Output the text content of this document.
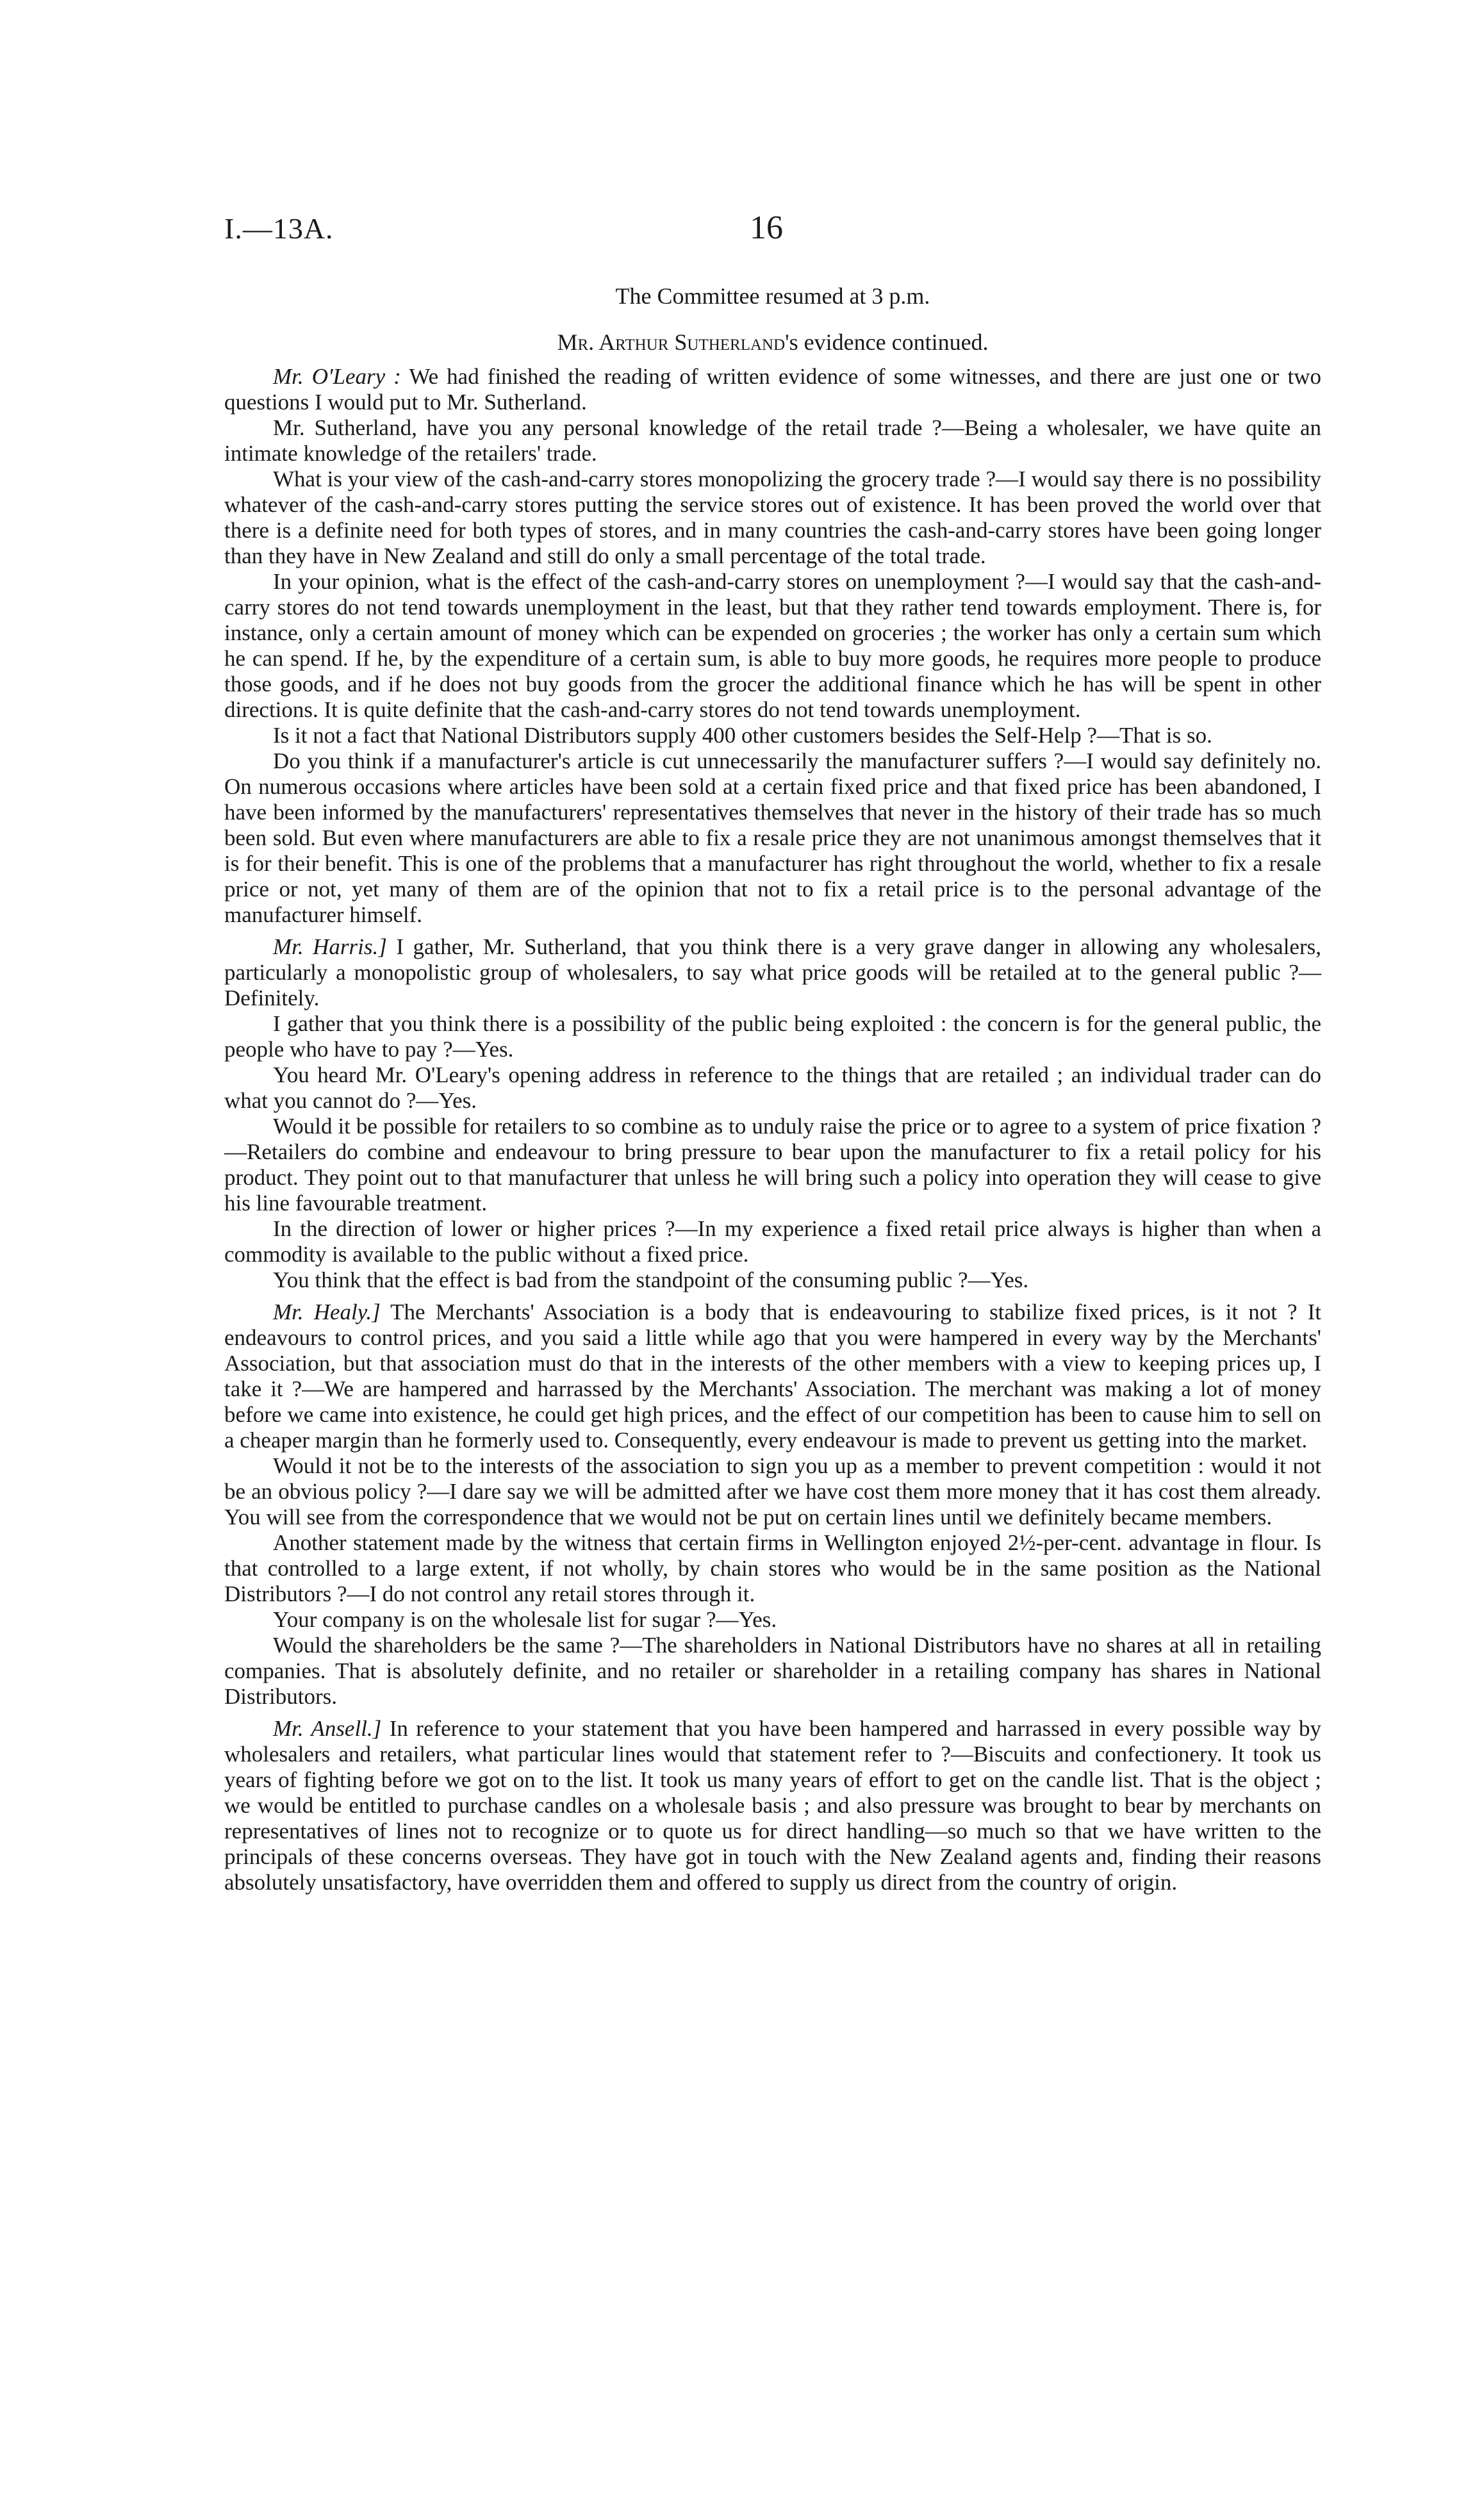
I.—13A.	16

The Committee resumed at 3 p.m.

Mr. Arthur Sutherland's evidence continued.

Mr. O'Leary : We had finished the reading of written evidence of some witnesses, and there are just one or two questions I would put to Mr. Sutherland.

Mr. Sutherland, have you any personal knowledge of the retail trade ?—Being a wholesaler, we have quite an intimate knowledge of the retailers' trade.

What is your view of the cash-and-carry stores monopolizing the grocery trade ?—I would say there is no possibility whatever of the cash-and-carry stores putting the service stores out of existence. It has been proved the world over that there is a definite need for both types of stores, and in many countries the cash-and-carry stores have been going longer than they have in New Zealand and still do only a small percentage of the total trade.

In your opinion, what is the effect of the cash-and-carry stores on unemployment ?—I would say that the cash-and-carry stores do not tend towards unemployment in the least, but that they rather tend towards employment. There is, for instance, only a certain amount of money which can be expended on groceries ; the worker has only a certain sum which he can spend. If he, by the expenditure of a certain sum, is able to buy more goods, he requires more people to produce those goods, and if he does not buy goods from the grocer the additional finance which he has will be spent in other directions. It is quite definite that the cash-and-carry stores do not tend towards unemployment.

Is it not a fact that National Distributors supply 400 other customers besides the Self-Help ?—That is so.

Do you think if a manufacturer's article is cut unnecessarily the manufacturer suffers ?—I would say definitely no. On numerous occasions where articles have been sold at a certain fixed price and that fixed price has been abandoned, I have been informed by the manufacturers' representatives themselves that never in the history of their trade has so much been sold. But even where manufacturers are able to fix a resale price they are not unanimous amongst themselves that it is for their benefit. This is one of the problems that a manufacturer has right throughout the world, whether to fix a resale price or not, yet many of them are of the opinion that not to fix a retail price is to the personal advantage of the manufacturer himself.

Mr. Harris.] I gather, Mr. Sutherland, that you think there is a very grave danger in allowing any wholesalers, particularly a monopolistic group of wholesalers, to say what price goods will be retailed at to the general public ?—Definitely.

I gather that you think there is a possibility of the public being exploited : the concern is for the general public, the people who have to pay ?—Yes.

You heard Mr. O'Leary's opening address in reference to the things that are retailed ; an individual trader can do what you cannot do ?—Yes.

Would it be possible for retailers to so combine as to unduly raise the price or to agree to a system of price fixation ?—Retailers do combine and endeavour to bring pressure to bear upon the manufacturer to fix a retail policy for his product. They point out to that manufacturer that unless he will bring such a policy into operation they will cease to give his line favourable treatment.

In the direction of lower or higher prices ?—In my experience a fixed retail price always is higher than when a commodity is available to the public without a fixed price.

You think that the effect is bad from the standpoint of the consuming public ?—Yes.

Mr. Healy.] The Merchants' Association is a body that is endeavouring to stabilize fixed prices, is it not ? It endeavours to control prices, and you said a little while ago that you were hampered in every way by the Merchants' Association, but that association must do that in the interests of the other members with a view to keeping prices up, I take it ?—We are hampered and harrassed by the Merchants' Association. The merchant was making a lot of money before we came into existence, he could get high prices, and the effect of our competition has been to cause him to sell on a cheaper margin than he formerly used to. Consequently, every endeavour is made to prevent us getting into the market.

Would it not be to the interests of the association to sign you up as a member to prevent competition : would it not be an obvious policy ?—I dare say we will be admitted after we have cost them more money that it has cost them already. You will see from the correspondence that we would not be put on certain lines until we definitely became members.

Another statement made by the witness that certain firms in Wellington enjoyed 2½-per-cent. advantage in flour. Is that controlled to a large extent, if not wholly, by chain stores who would be in the same position as the National Distributors ?—I do not control any retail stores through it.

Your company is on the wholesale list for sugar ?—Yes.

Would the shareholders be the same ?—The shareholders in National Distributors have no shares at all in retailing companies. That is absolutely definite, and no retailer or shareholder in a retailing company has shares in National Distributors.

Mr. Ansell.] In reference to your statement that you have been hampered and harrassed in every possible way by wholesalers and retailers, what particular lines would that statement refer to ?—Biscuits and confectionery. It took us years of fighting before we got on to the list. It took us many years of effort to get on the candle list. That is the object ; we would be entitled to purchase candles on a wholesale basis ; and also pressure was brought to bear by merchants on representatives of lines not to recognize or to quote us for direct handling—so much so that we have written to the principals of these concerns overseas. They have got in touch with the New Zealand agents and, finding their reasons absolutely unsatisfactory, have overridden them and offered to supply us direct from the country of origin.
